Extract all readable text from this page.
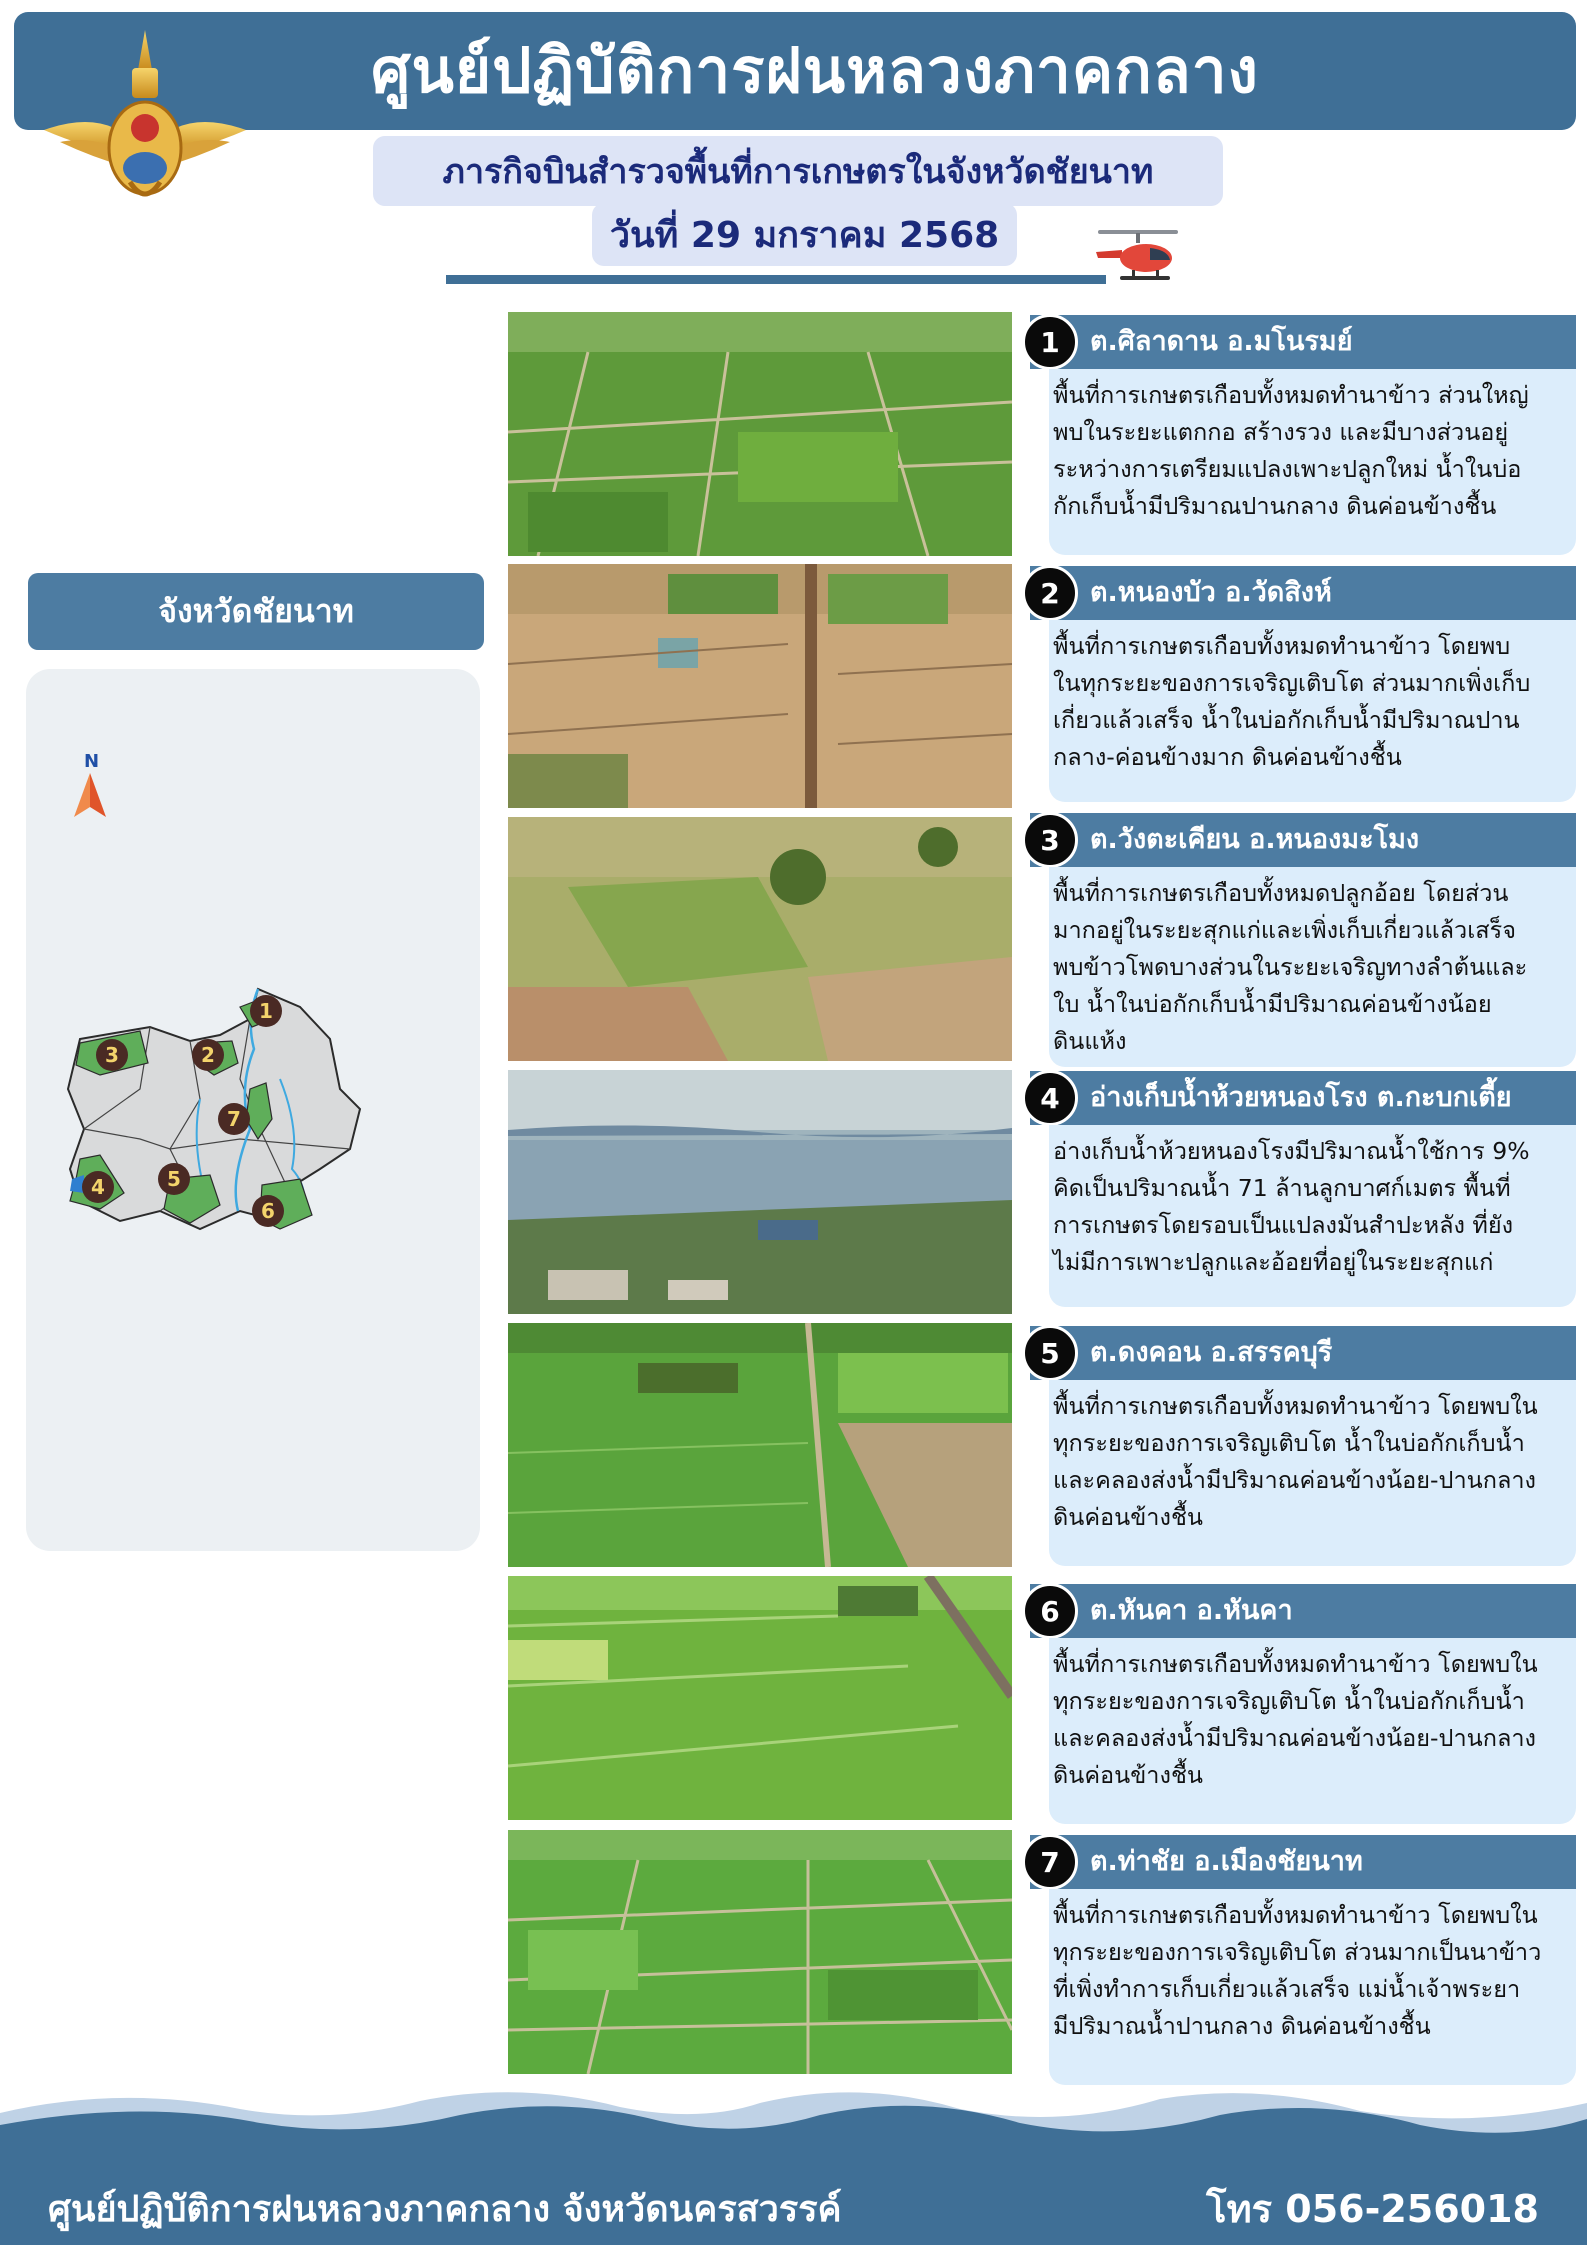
ศูนย์ปฏิบัติการฝนหลวงภาคกลาง
ภารกิจบินสำรวจพื้นที่การเกษตรในจังหวัดชัยนาท
วันที่ 29 มกราคม 2568
จังหวัดชัยนาท
N
1
2
3
4	5
6
7
1	ต.ศิลาดาน อ.มโนรมย์
พื้นที่การเกษตรเกือบทั้งหมดทำนาข้าว ส่วนใหญ่
พบในระยะแตกกอ สร้างรวง และมีบางส่วนอยู่
ระหว่างการเตรียมแปลงเพาะปลูกใหม่ น้ำในบ่อ
กักเก็บน้ำมีปริมาณปานกลาง ดินค่อนข้างชื้น
2	ต.หนองบัว อ.วัดสิงห์
พื้นที่การเกษตรเกือบทั้งหมดทำนาข้าว โดยพบ
ในทุกระยะของการเจริญเติบโต ส่วนมากเพิ่งเก็บ
เกี่ยวแล้วเสร็จ น้ำในบ่อกักเก็บน้ำมีปริมาณปาน
กลาง-ค่อนข้างมาก ดินค่อนข้างชื้น
3	ต.วังตะเคียน อ.หนองมะโมง
พื้นที่การเกษตรเกือบทั้งหมดปลูกอ้อย โดยส่วน
มากอยู่ในระยะสุกแก่และเพิ่งเก็บเกี่ยวแล้วเสร็จ
พบข้าวโพดบางส่วนในระยะเจริญทางลำต้นและ
ใบ น้ำในบ่อกักเก็บน้ำมีปริมาณค่อนข้างน้อย
ดินแห้ง
4	อ่างเก็บน้ำห้วยหนองโรง ต.กะบกเตี้ย
อ่างเก็บน้ำห้วยหนองโรงมีปริมาณน้ำใช้การ 9%
คิดเป็นปริมาณน้ำ 71 ล้านลูกบาศก์เมตร พื้นที่
การเกษตรโดยรอบเป็นแปลงมันสำปะหลัง ที่ยัง
ไม่มีการเพาะปลูกและอ้อยที่อยู่ในระยะสุกแก่
5	ต.ดงคอน อ.สรรคบุรี
พื้นที่การเกษตรเกือบทั้งหมดทำนาข้าว โดยพบใน
ทุกระยะของการเจริญเติบโต น้ำในบ่อกักเก็บน้ำ
และคลองส่งน้ำมีปริมาณค่อนข้างน้อย-ปานกลาง
ดินค่อนข้างชื้น
6	ต.หันคา อ.หันคา
พื้นที่การเกษตรเกือบทั้งหมดทำนาข้าว โดยพบใน
ทุกระยะของการเจริญเติบโต น้ำในบ่อกักเก็บน้ำ
และคลองส่งน้ำมีปริมาณค่อนข้างน้อย-ปานกลาง
ดินค่อนข้างชื้น
7	ต.ท่าชัย อ.เมืองชัยนาท
พื้นที่การเกษตรเกือบทั้งหมดทำนาข้าว โดยพบใน
ทุกระยะของการเจริญเติบโต ส่วนมากเป็นนาข้าว
ที่เพิ่งทำการเก็บเกี่ยวแล้วเสร็จ แม่น้ำเจ้าพระยา
มีปริมาณน้ำปานกลาง ดินค่อนข้างชื้น
ศูนย์ปฏิบัติการฝนหลวงภาคกลาง จังหวัดนครสวรรค์	โทร 056-256018
